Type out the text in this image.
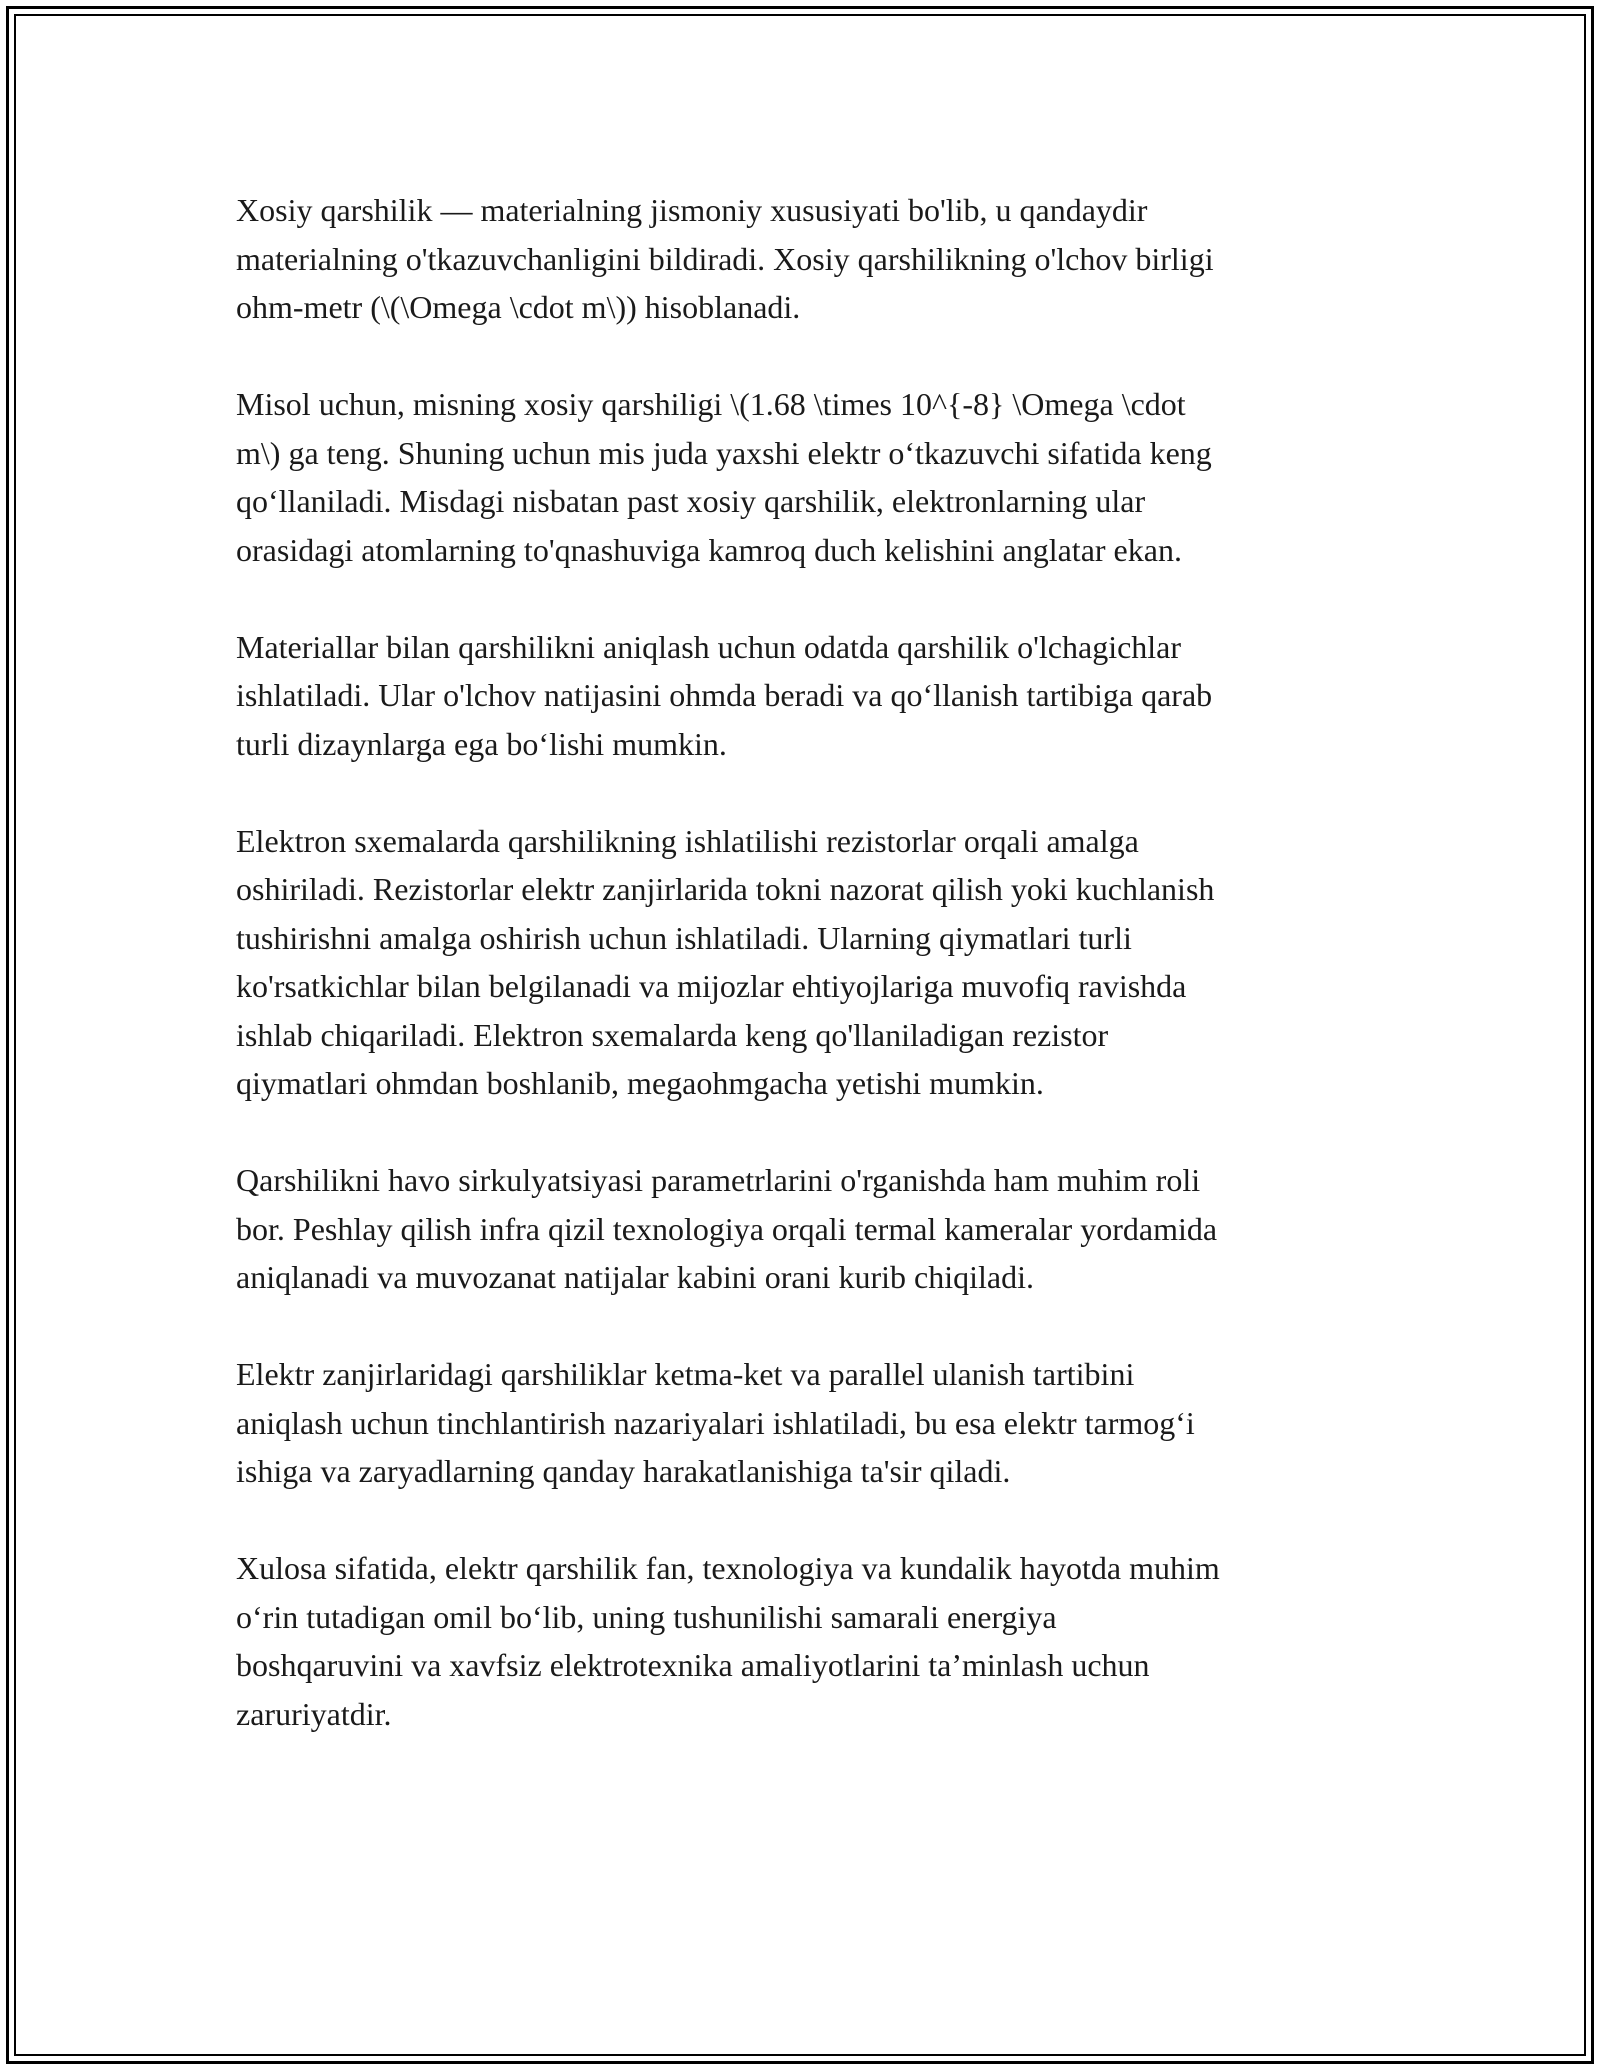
Xosiy qarshilik — materialning jismoniy xususiyati bo'lib, u qandaydir
materialning o'tkazuvchanligini bildiradi. Xosiy qarshilikning o'lchov birligi
ohm-metr (\(\Omega \cdot m\)) hisoblanadi.

Misol uchun, misning xosiy qarshiligi \(1.68 \times 10^{-8} \Omega \cdot
m\) ga teng. Shuning uchun mis juda yaxshi elektr o‘tkazuvchi sifatida keng
qo‘llaniladi. Misdagi nisbatan past xosiy qarshilik, elektronlarning ular
orasidagi atomlarning to'qnashuviga kamroq duch kelishini anglatar ekan.

Materiallar bilan qarshilikni aniqlash uchun odatda qarshilik o'lchagichlar
ishlatiladi. Ular o'lchov natijasini ohmda beradi va qo‘llanish tartibiga qarab
turli dizaynlarga ega bo‘lishi mumkin.

Elektron sxemalarda qarshilikning ishlatilishi rezistorlar orqali amalga
oshiriladi. Rezistorlar elektr zanjirlarida tokni nazorat qilish yoki kuchlanish
tushirishni amalga oshirish uchun ishlatiladi. Ularning qiymatlari turli
ko'rsatkichlar bilan belgilanadi va mijozlar ehtiyojlariga muvofiq ravishda
ishlab chiqariladi. Elektron sxemalarda keng qo'llaniladigan rezistor
qiymatlari ohmdan boshlanib, megaohmgacha yetishi mumkin.

Qarshilikni havo sirkulyatsiyasi parametrlarini o'rganishda ham muhim roli
bor. Peshlay qilish infra qizil texnologiya orqali termal kameralar yordamida
aniqlanadi va muvozanat natijalar kabini orani kurib chiqiladi.

Elektr zanjirlaridagi qarshiliklar ketma-ket va parallel ulanish tartibini
aniqlash uchun tinchlantirish nazariyalari ishlatiladi, bu esa elektr tarmog‘i
ishiga va zaryadlarning qanday harakatlanishiga ta'sir qiladi.

Xulosa sifatida, elektr qarshilik fan, texnologiya va kundalik hayotda muhim
o‘rin tutadigan omil bo‘lib, uning tushunilishi samarali energiya
boshqaruvini va xavfsiz elektrotexnika amaliyotlarini ta’minlash uchun
zaruriyatdir.
